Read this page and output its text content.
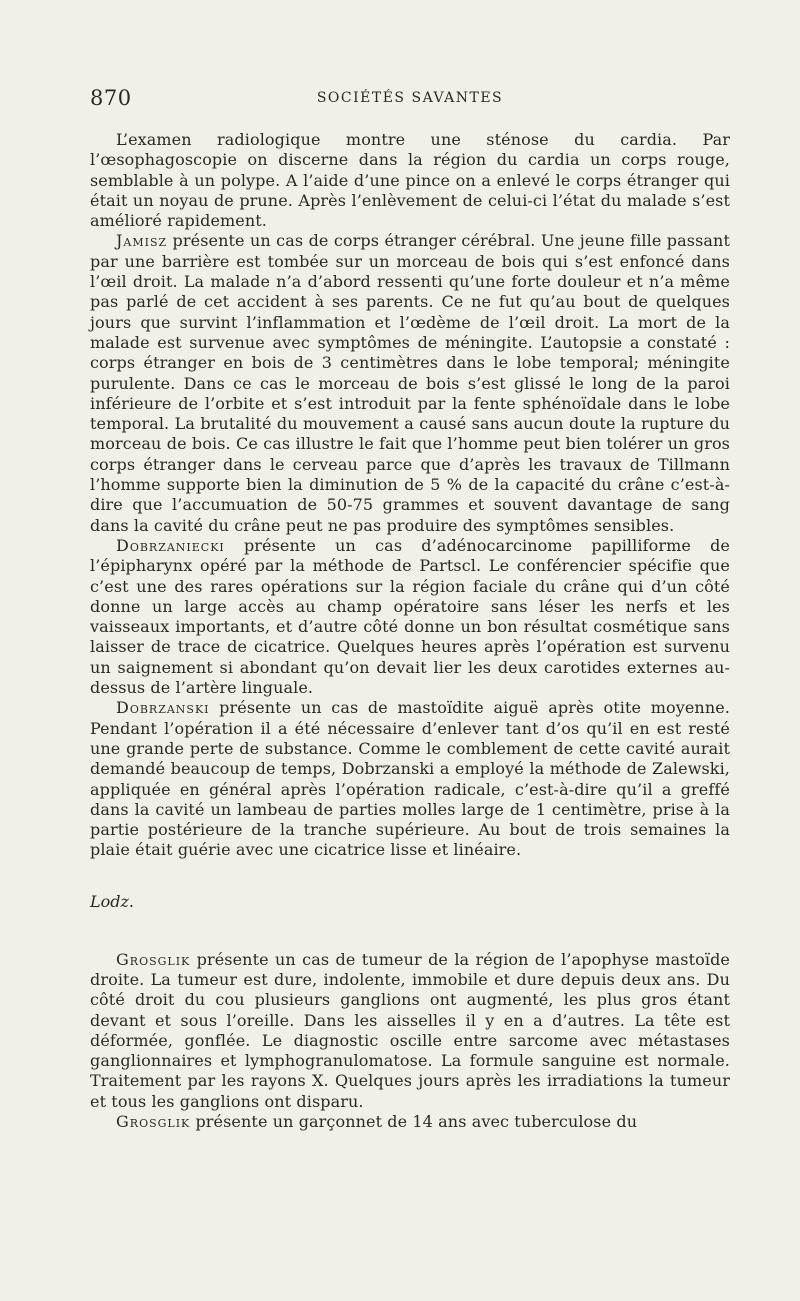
870	SOCIÉTÉS SAVANTES

L’examen radiologique montre une sténose du cardia. Par l’œsophagoscopie on discerne dans la région du cardia un corps rouge, semblable à un polype. A l’aide d’une pince on a enlevé le corps étranger qui était un noyau de prune. Après l’enlèvement de celui-ci l’état du malade s’est amélioré rapidement.

Jamisz présente un cas de corps étranger cérébral. Une jeune fille passant par une barrière est tombée sur un morceau de bois qui s’est enfoncé dans l’œil droit. La malade n’a d’abord ressenti qu’une forte douleur et n’a même pas parlé de cet accident à ses parents. Ce ne fut qu’au bout de quelques jours que survint l’inflammation et l’œdème de l’œil droit. La mort de la malade est survenue avec symptômes de méningite. L’autopsie a constaté : corps étranger en bois de 3 centimètres dans le lobe temporal; méningite purulente. Dans ce cas le morceau de bois s’est glissé le long de la paroi inférieure de l’orbite et s’est introduit par la fente sphénoïdale dans le lobe temporal. La brutalité du mouvement a causé sans aucun doute la rupture du morceau de bois. Ce cas illustre le fait que l’homme peut bien tolérer un gros corps étranger dans le cerveau parce que d’après les travaux de Tillmann l’homme supporte bien la diminution de 5 % de la capacité du crâne c’est-à-dire que l’accumuation de 50-75 grammes et souvent davantage de sang dans la cavité du crâne peut ne pas produire des symptômes sensibles.

Dobrzaniecki présente un cas d’adénocarcinome papilliforme de l’épipharynx opéré par la méthode de Partscl. Le conférencier spécifie que c’est une des rares opérations sur la région faciale du crâne qui d’un côté donne un large accès au champ opératoire sans léser les nerfs et les vaisseaux importants, et d’autre côté donne un bon résultat cosmétique sans laisser de trace de cicatrice. Quelques heures après l’opération est survenu un saignement si abondant qu’on devait lier les deux carotides externes au-dessus de l’artère linguale.

Dobrzanski présente un cas de mastoïdite aiguë après otite moyenne. Pendant l’opération il a été nécessaire d’enlever tant d’os qu’il en est resté une grande perte de substance. Comme le comblement de cette cavité aurait demandé beaucoup de temps, Dobrzanski a employé la méthode de Zalewski, appliquée en général après l’opération radicale, c’est-à-dire qu’il a greffé dans la cavité un lambeau de parties molles large de 1 centimètre, prise à la partie postérieure de la tranche supérieure. Au bout de trois semaines la plaie était guérie avec une cicatrice lisse et linéaire.

Lodz.

Grosglik présente un cas de tumeur de la région de l’apophyse mastoïde droite. La tumeur est dure, indolente, immobile et dure depuis deux ans. Du côté droit du cou plusieurs ganglions ont augmenté, les plus gros étant devant et sous l’oreille. Dans les aisselles il y en a d’autres. La tête est déformée, gonflée. Le diagnostic oscille entre sarcome avec métastases ganglionnaires et lymphogranulomatose. La formule sanguine est normale. Traitement par les rayons X. Quelques jours après les irradiations la tumeur et tous les ganglions ont disparu.

Grosglik présente un garçonnet de 14 ans avec tuberculose du
